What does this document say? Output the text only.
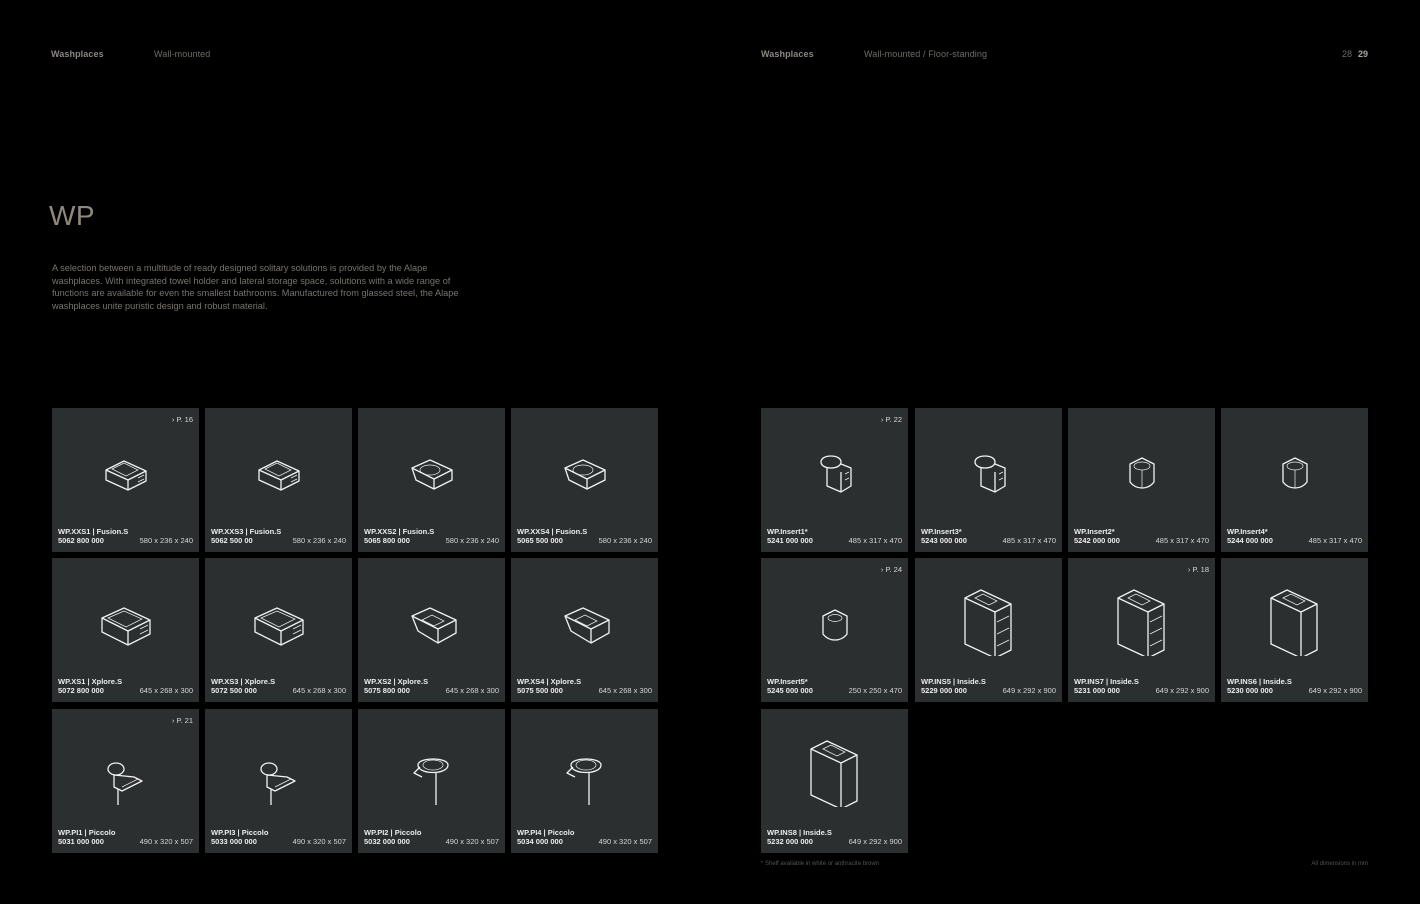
Washplaces	Wall-mounted	Washplaces	Wall-mounted / Floor-standing	28 29
WP
A selection between a multitude of ready designed solitary solutions is provided by the Alape washplaces. With integrated towel holder and lateral storage space, solutions with a wide range of functions are available for even the smallest bathrooms. Manufactured from glassed steel, the Alape washplaces unite puristic design and robust material.
› P. 16
WP.XXS1 | Fusion.S
5062 800 000	580 x 236 x 240
WP.XXS3 | Fusion.S
5062 500 00	580 x 236 x 240
WP.XXS2 | Fusion.S
5065 800 000	580 x 236 x 240
WP.XXS4 | Fusion.S
5065 500 000	580 x 236 x 240
WP.XS1 | Xplore.S
5072 800 000	645 x 268 x 300
WP.XS3 | Xplore.S
5072 500 000	645 x 268 x 300
WP.XS2 | Xplore.S
5075 800 000	645 x 268 x 300
WP.XS4 | Xplore.S
5075 500 000	645 x 268 x 300
› P. 21
WP.PI1 | Piccolo
5031 000 000	490 x 320 x 507
WP.PI3 | Piccolo
5033 000 000	490 x 320 x 507
WP.PI2 | Piccolo
5032 000 000	490 x 320 x 507
WP.PI4 | Piccolo
5034 000 000	490 x 320 x 507
› P. 22
WP.Insert1*
5241 000 000	485 x 317 x 470
WP.Insert3*
5243 000 000	485 x 317 x 470
WP.Insert2*
5242 000 000	485 x 317 x 470
WP.Insert4*
5244 000 000	485 x 317 x 470
› P. 24
WP.Insert5*
5245 000 000	250 x 250 x 470
WP.INS5 | Inside.S
5229 000 000	649 x 292 x 900
› P. 18
WP.INS7 | Inside.S
5231 000 000	649 x 292 x 900
WP.INS6 | Inside.S
5230 000 000	649 x 292 x 900
WP.INS8 | Inside.S
5232 000 000	649 x 292 x 900
* Shelf available in white or anthracite brown	All dimensions in mm
